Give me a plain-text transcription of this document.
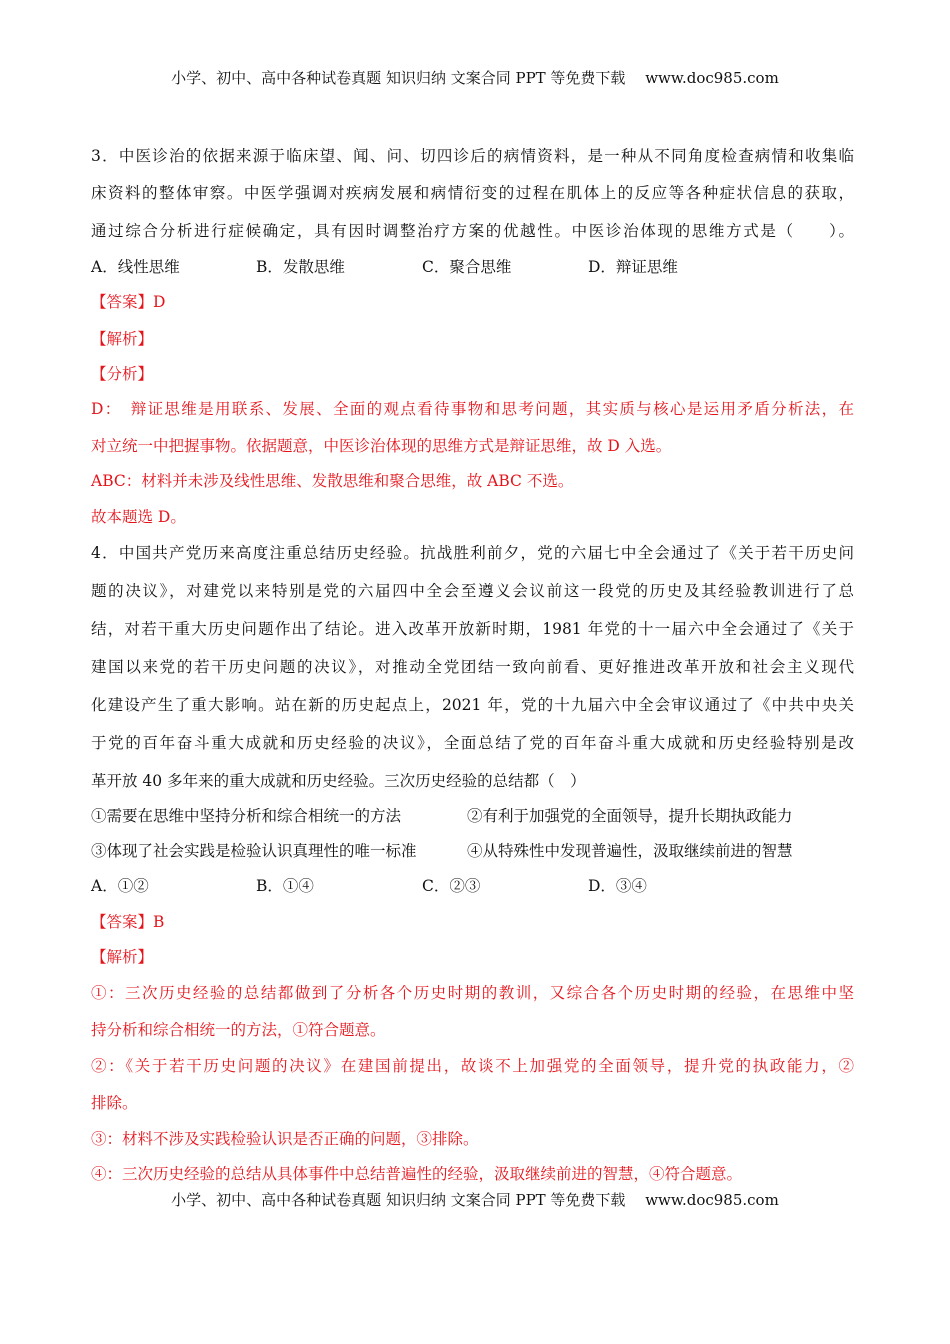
小学、初中、高中各种试卷真题 知识归纳 文案合同 PPT 等免费下载　 www.doc985.com
3．中医诊治的依据来源于临床望、闻、问、切四诊后的病情资料，是一种从不同角度检查病情和收集临
床资料的整体审察。中医学强调对疾病发展和病情衍变的过程在肌体上的反应等各种症状信息的获取，
通过综合分析进行症候确定，具有因时调整治疗方案的优越性。中医诊治体现的思维方式是（　　）。
A．线性思维	B．发散思维	C．聚合思维	D．辩证思维
【答案】D
【解析】
【分析】
D：　辩证思维是用联系、发展、全面的观点看待事物和思考问题，其实质与核心是运用矛盾分析法，在
对立统一中把握事物。依据题意，中医诊治体现的思维方式是辩证思维，故 D 入选。
ABC：材料并未涉及线性思维、发散思维和聚合思维，故 ABC 不选。
故本题选 D。
4．中国共产党历来高度注重总结历史经验。抗战胜利前夕，党的六届七中全会通过了《关于若干历史问
题的决议》，对建党以来特别是党的六届四中全会至遵义会议前这一段党的历史及其经验教训进行了总
结，对若干重大历史问题作出了结论。进入改革开放新时期，1981 年党的十一届六中全会通过了《关于
建国以来党的若干历史问题的决议》，对推动全党团结一致向前看、更好推进改革开放和社会主义现代
化建设产生了重大影响。站在新的历史起点上，2021 年，党的十九届六中全会审议通过了《中共中央关
于党的百年奋斗重大成就和历史经验的决议》，全面总结了党的百年奋斗重大成就和历史经验特别是改
革开放 40 多年来的重大成就和历史经验。三次历史经验的总结都（　）
①需要在思维中坚持分析和综合相统一的方法	②有利于加强党的全面领导，提升长期执政能力
③体现了社会实践是检验认识真理性的唯一标准	④从特殊性中发现普遍性，汲取继续前进的智慧
A．①②	B．①④	C．②③	D．③④
【答案】B
【解析】
①：三次历史经验的总结都做到了分析各个历史时期的教训，又综合各个历史时期的经验，在思维中坚
持分析和综合相统一的方法，①符合题意。
②：《关于若干历史问题的决议》在建国前提出，故谈不上加强党的全面领导，提升党的执政能力，②
排除。
③：材料不涉及实践检验认识是否正确的问题，③排除。
④：三次历史经验的总结从具体事件中总结普遍性的经验，汲取继续前进的智慧，④符合题意。
小学、初中、高中各种试卷真题 知识归纳 文案合同 PPT 等免费下载　 www.doc985.com
